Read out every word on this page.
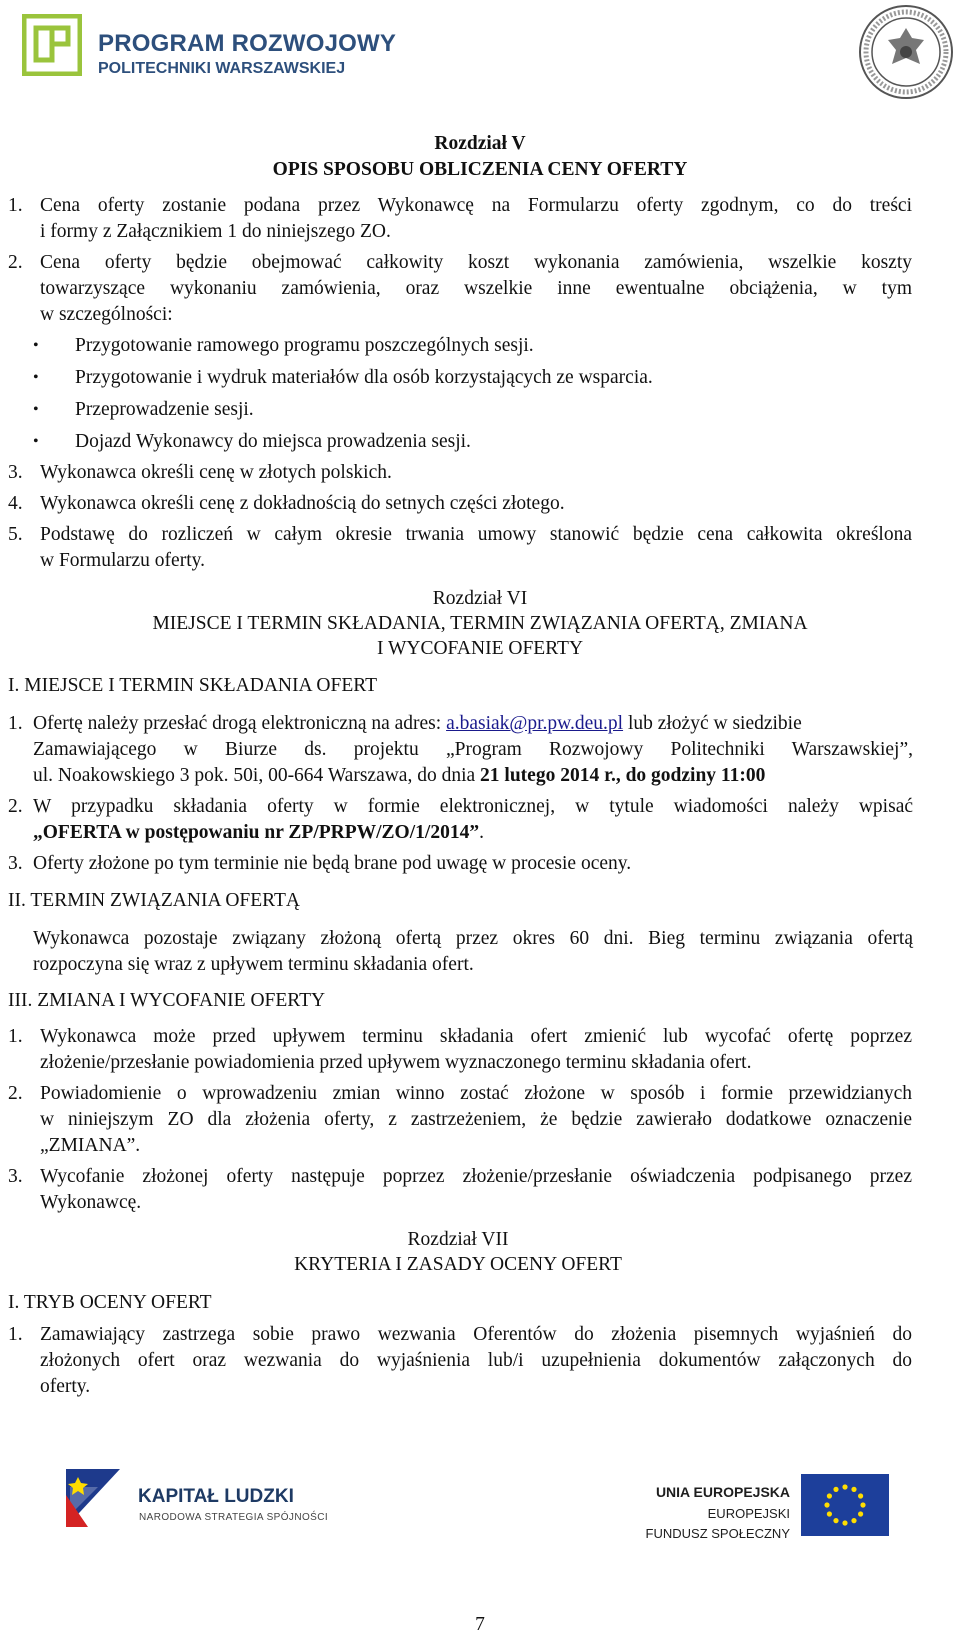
PROGRAM ROZWOJOWY
POLITECHNIKI WARSZAWSKIEJ
Rozdział V
OPIS SPOSOBU OBLICZENIA CENY OFERTY
1. Cena oferty zostanie podana przez Wykonawcę na Formularzu oferty zgodnym, co do treści
i formy z Załącznikiem 1 do niniejszego ZO.
2. Cena oferty będzie obejmować całkowity koszt wykonania zamówienia, wszelkie koszty
towarzyszące wykonaniu zamówienia, oraz wszelkie inne ewentualne obciążenia, w tym
w szczególności:
• Przygotowanie ramowego programu poszczególnych sesji.
• Przygotowanie i wydruk materiałów dla osób korzystających ze wsparcia.
• Przeprowadzenie sesji.
• Dojazd Wykonawcy do miejsca prowadzenia sesji.
3. Wykonawca określi cenę w złotych polskich.
4. Wykonawca określi cenę z dokładnością do setnych części złotego.
5. Podstawę do rozliczeń w całym okresie trwania umowy stanowić będzie cena całkowita określona
w Formularzu oferty.
Rozdział VI
MIEJSCE I TERMIN SKŁADANIA, TERMIN ZWIĄZANIA OFERTĄ, ZMIANA
I WYCOFANIE OFERTY
I. MIEJSCE I TERMIN SKŁADANIA OFERT
1. Ofertę należy przesłać drogą elektroniczną na adres: a.basiak@pr.pw.deu.pl lub złożyć w siedzibie
Zamawiającego w Biurze ds. projektu „Program Rozwojowy Politechniki Warszawskiej”,
ul. Noakowskiego 3 pok. 50i, 00-664 Warszawa, do dnia 21 lutego 2014 r., do godziny 11:00
2. W przypadku składania oferty w formie elektronicznej, w tytule wiadomości należy wpisać
„OFERTA w postępowaniu nr ZP/PRPW/ZO/1/2014”.
3. Oferty złożone po tym terminie nie będą brane pod uwagę w procesie oceny.
II. TERMIN ZWIĄZANIA OFERTĄ
Wykonawca pozostaje związany złożoną ofertą przez okres 60 dni. Bieg terminu związania ofertą
rozpoczyna się wraz z upływem terminu składania ofert.
III. ZMIANA I WYCOFANIE OFERTY
1. Wykonawca może przed upływem terminu składania ofert zmienić lub wycofać ofertę poprzez
złożenie/przesłanie powiadomienia przed upływem wyznaczonego terminu składania ofert.
2. Powiadomienie o wprowadzeniu zmian winno zostać złożone w sposób i formie przewidzianych
w niniejszym ZO dla złożenia oferty, z zastrzeżeniem, że będzie zawierało dodatkowe oznaczenie
„ZMIANA”.
3. Wycofanie złożonej oferty następuje poprzez złożenie/przesłanie oświadczenia podpisanego przez
Wykonawcę.
Rozdział VII
KRYTERIA I ZASADY OCENY OFERT
I. TRYB OCENY OFERT
1. Zamawiający zastrzega sobie prawo wezwania Oferentów do złożenia pisemnych wyjaśnień do
złożonych ofert oraz wezwania do wyjaśnienia lub/i uzupełnienia dokumentów załączonych do
oferty.
KAPITAŁ LUDZKI
NARODOWA STRATEGIA SPÓJNOŚCI
UNIA EUROPEJSKA
EUROPEJSKI
FUNDUSZ SPOŁECZNY
7
